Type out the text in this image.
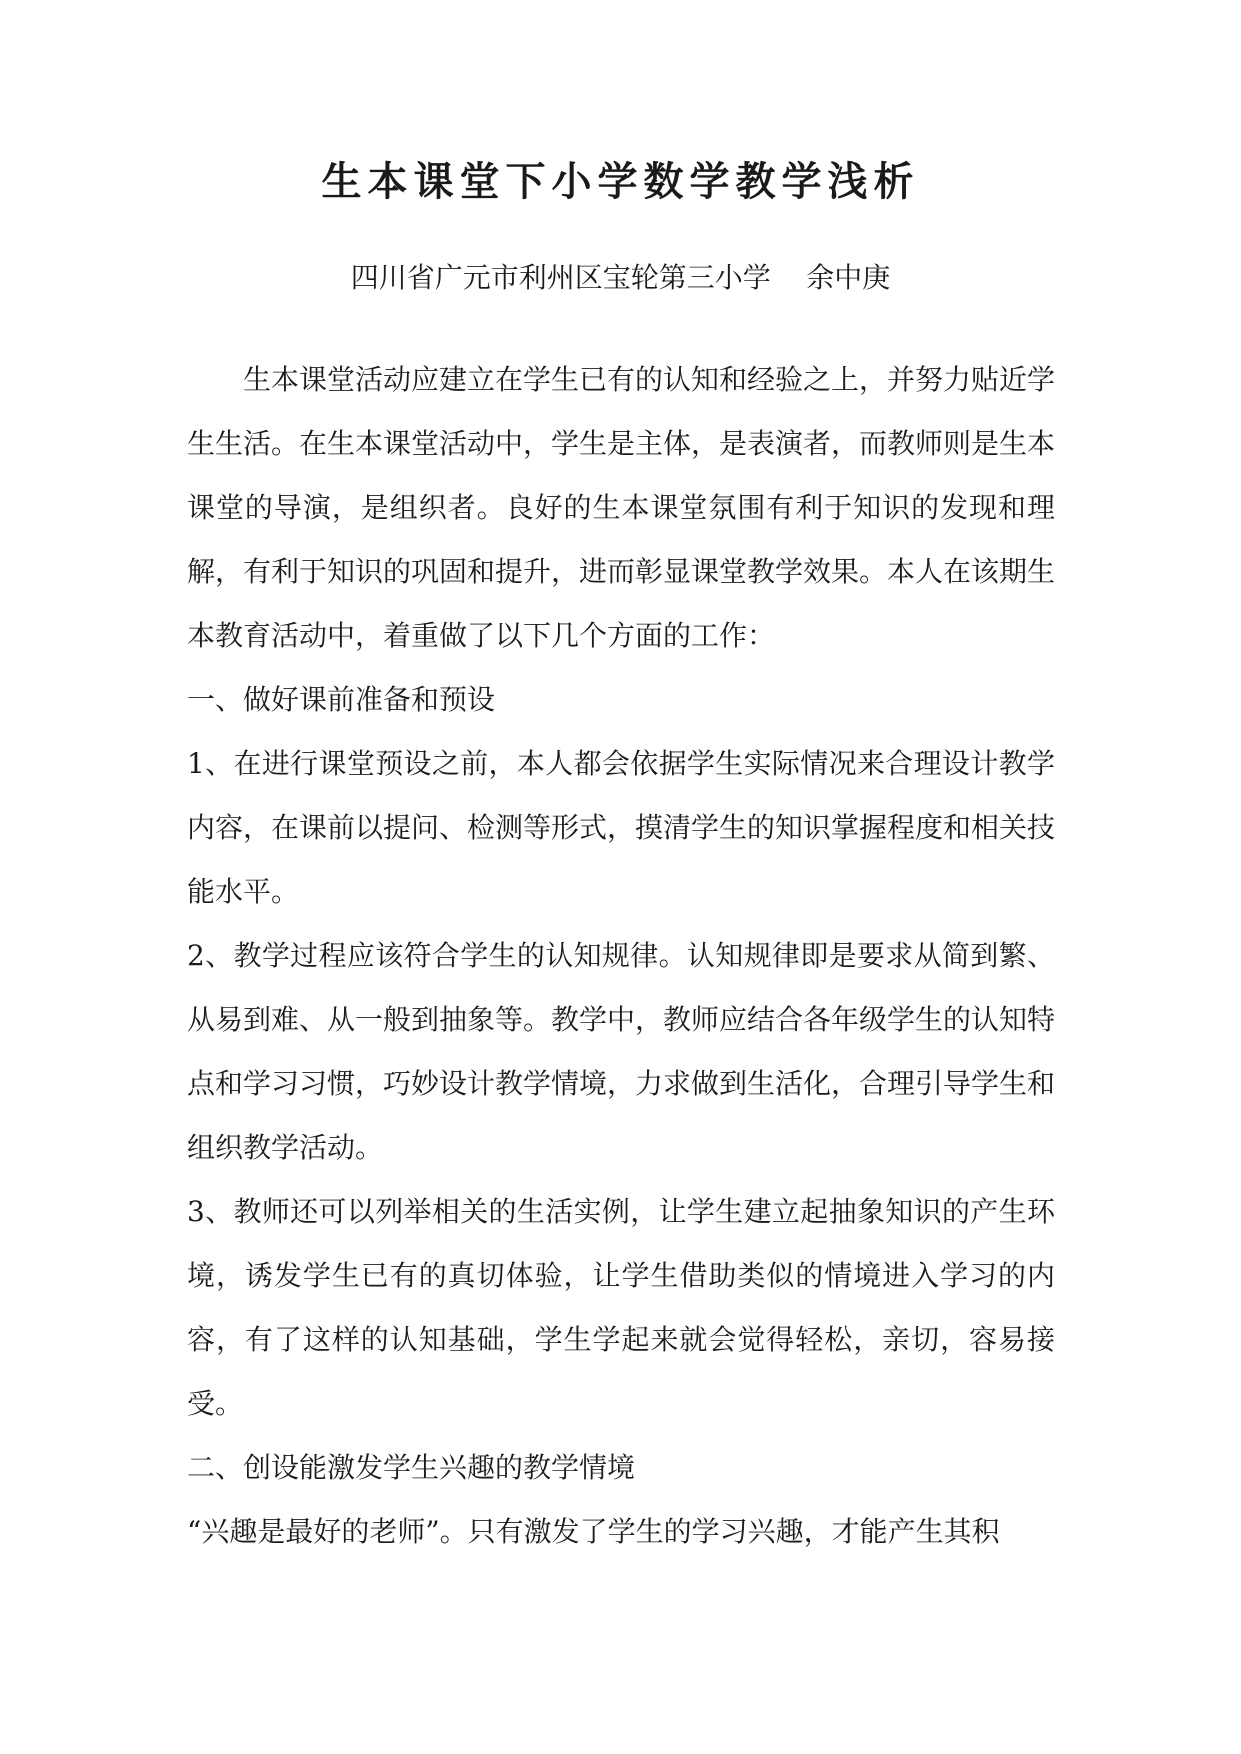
生本课堂下小学数学教学浅析

四川省广元市利州区宝轮第三小学    余中庚

生本课堂活动应建立在学生已有的认知和经验之上，并努力贴近学生生活。在生本课堂活动中，学生是主体，是表演者，而教师则是生本课堂的导演，是组织者。良好的生本课堂氛围有利于知识的发现和理解，有利于知识的巩固和提升，进而彰显课堂教学效果。本人在该期生本教育活动中，着重做了以下几个方面的工作：

一、做好课前准备和预设

1、在进行课堂预设之前，本人都会依据学生实际情况来合理设计教学内容，在课前以提问、检测等形式，摸清学生的知识掌握程度和相关技能水平。

2、教学过程应该符合学生的认知规律。认知规律即是要求从简到繁、从易到难、从一般到抽象等。教学中，教师应结合各年级学生的认知特点和学习习惯，巧妙设计教学情境，力求做到生活化，合理引导学生和组织教学活动。

3、教师还可以列举相关的生活实例，让学生建立起抽象知识的产生环境，诱发学生已有的真切体验，让学生借助类似的情境进入学习的内容，有了这样的认知基础，学生学起来就会觉得轻松，亲切，容易接受。

二、创设能激发学生兴趣的教学情境

“兴趣是最好的老师”。只有激发了学生的学习兴趣，才能产生其积
